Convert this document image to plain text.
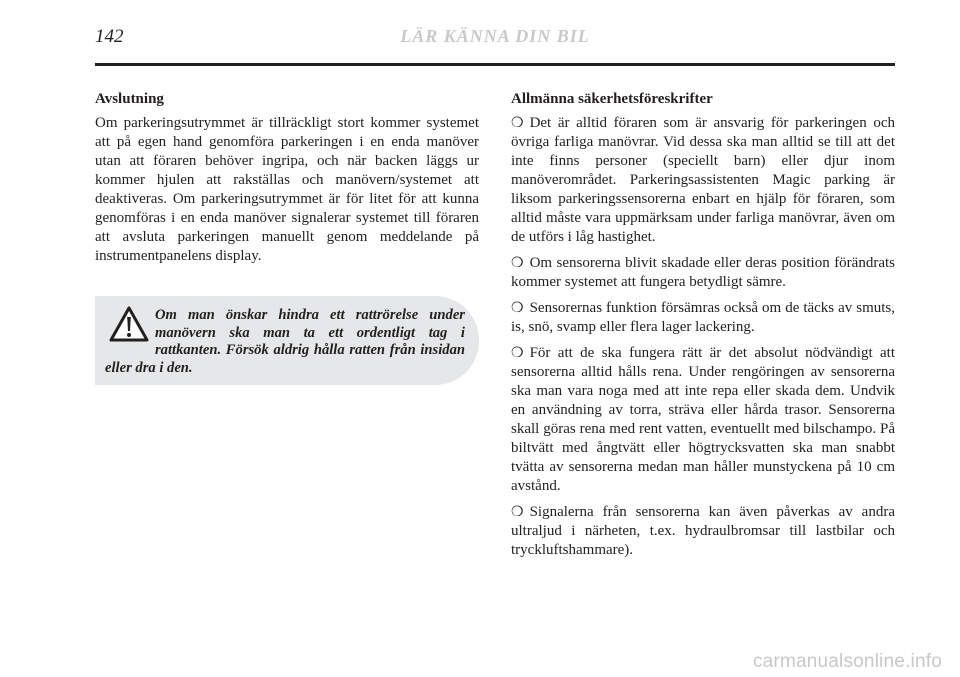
142	LÄR KÄNNA DIN BIL

Avslutning

Om parkeringsutrymmet är tillräckligt stort kommer systemet att på egen hand genomföra parkeringen i en enda manöver utan att föraren behöver ingripa, och när backen läggs ur kommer hjulen att rakställas och manövern/systemet att deaktiveras. Om parkeringsutrymmet är för litet för att kunna genomföras i en enda manöver signalerar systemet till föraren att avsluta parkeringen manuellt genom meddelande på instrumentpanelens display.

Om man önskar hindra ett rattrörelse under manövern ska man ta ett ordentligt tag i rattkanten. Försök aldrig hålla ratten från insidan eller dra i den.

Allmänna säkerhetsföreskrifter

❍ Det är alltid föraren som är ansvarig för parkeringen och övriga farliga manövrar. Vid dessa ska man alltid se till att det inte finns personer (speciellt barn) eller djur inom manöverområdet. Parkeringsassistenten Magic parking är liksom parkeringssensorerna enbart en hjälp för föraren, som alltid måste vara uppmärksam under farliga manövrar, även om de utförs i låg hastighet.

❍ Om sensorerna blivit skadade eller deras position förändrats kommer systemet att fungera betydligt sämre.

❍ Sensorernas funktion försämras också om de täcks av smuts, is, snö, svamp eller flera lager lackering.

❍ För att de ska fungera rätt är det absolut nödvändigt att sensorerna alltid hålls rena. Under rengöringen av sensorerna ska man vara noga med att inte repa eller skada dem. Undvik en användning av torra, sträva eller hårda trasor. Sensorerna skall göras rena med rent vatten, eventuellt med bilschampo. På biltvätt med ångtvätt eller högtrycksvatten ska man snabbt tvätta av sensorerna medan man håller munstyckena på 10 cm avstånd.

❍ Signalerna från sensorerna kan även påverkas av andra ultraljud i närheten, t.ex. hydraulbromsar till lastbilar och tryckluftshammare).

carmanualsonline.info
